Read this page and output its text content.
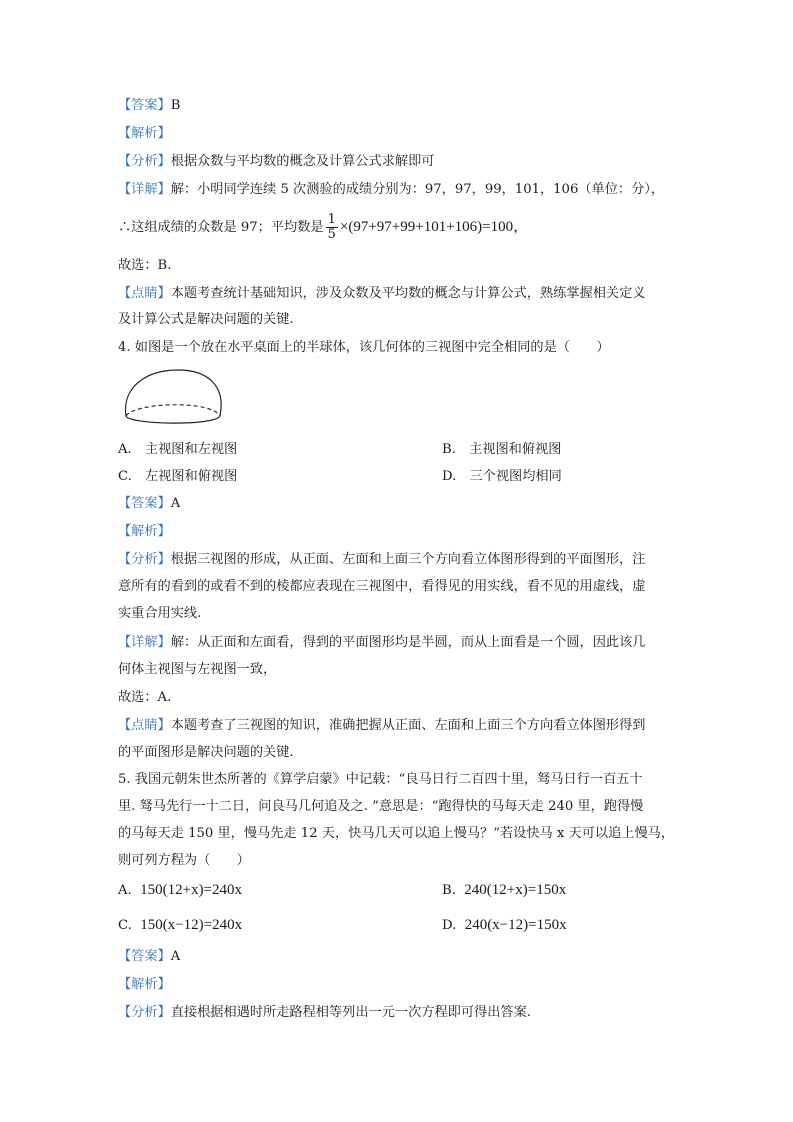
【答案】B
【解析】
【分析】根据众数与平均数的概念及计算公式求解即可
【详解】解：小明同学连续 5 次测验的成绩分别为：97，97，99，101，106（单位：分），
∴这组成绩的众数是 97；平均数是 $\frac{1}{5} \times(97+97+99+101+106)=100$，
故选：B.
【点睛】本题考查统计基础知识，涉及众数及平均数的概念与计算公式，熟练掌握相关定义
及计算公式是解决问题的关键.
4. 如图是一个放在水平桌面上的半球体，该几何体的三视图中完全相同的是（　　）
A.　主视图和左视图	B.　主视图和俯视图
C.　左视图和俯视图	D.　三个视图均相同
【答案】A
【解析】
【分析】根据三视图的形成，从正面、左面和上面三个方向看立体图形得到的平面图形，注
意所有的看到的或看不到的棱都应表现在三视图中，看得见的用实线，看不见的用虚线，虚
实重合用实线.
【详解】解：从正面和左面看，得到的平面图形均是半圆，而从上面看是一个圆，因此该几
何体主视图与左视图一致，
故选：A.
【点睛】本题考查了三视图的知识，准确把握从正面、左面和上面三个方向看立体图形得到
的平面图形是解决问题的关键.
5. 我国元朝朱世杰所著的《算学启蒙》中记载：“良马日行二百四十里，驽马日行一百五十
里. 驽马先行一十二日，问良马几何追及之. ”意思是：“跑得快的马每天走 240 里，跑得慢
的马每天走 150 里，慢马先走 12 天，快马几天可以追上慢马？”若设快马 x 天可以追上慢马，
则可列方程为（　　）
A. 150(12+x)=240x	B. 240(12+x)=150x
C. 150(x−12)=240x	D. 240(x−12)=150x
【答案】A
【解析】
【分析】直接根据相遇时所走路程相等列出一元一次方程即可得出答案.
